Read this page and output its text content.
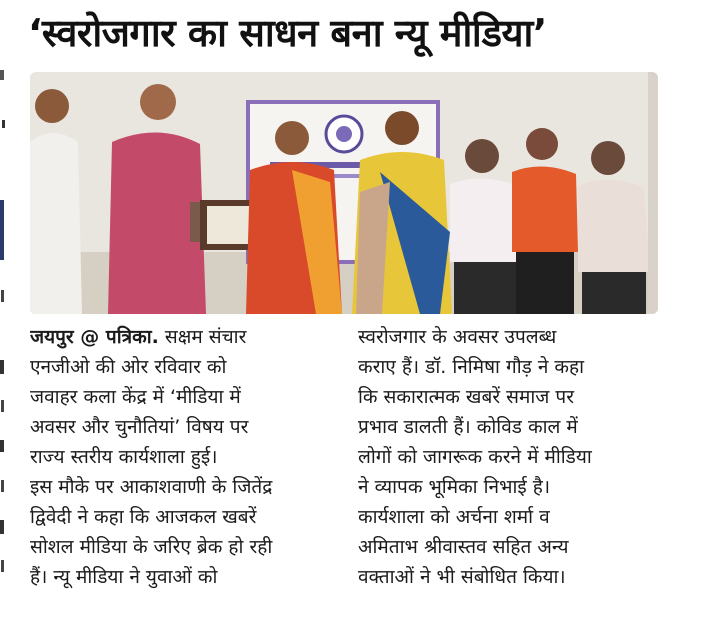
‘स्वरोजगार का साधन बना न्यू मीडिया’
जयपुर @ पत्रिका. सक्षम संचार
एनजीओ की ओर रविवार को
जवाहर कला केंद्र में ‘मीडिया में
अवसर और चुनौतियां’ विषय पर
राज्य स्तरीय कार्यशाला हुई।
इस मौके पर आकाशवाणी के जितेंद्र
द्विवेदी ने कहा कि आजकल खबरें
सोशल मीडिया के जरिए ब्रेक हो रही
हैं। न्यू मीडिया ने युवाओं को
स्वरोजगार के अवसर उपलब्ध
कराए हैं। डॉ. निमिषा गौड़ ने कहा
कि सकारात्मक खबरें समाज पर
प्रभाव डालती हैं। कोविड काल में
लोगों को जागरूक करने में मीडिया
ने व्यापक भूमिका निभाई है।
कार्यशाला को अर्चना शर्मा व
अमिताभ श्रीवास्तव सहित अन्य
वक्ताओं ने भी संबोधित किया।
